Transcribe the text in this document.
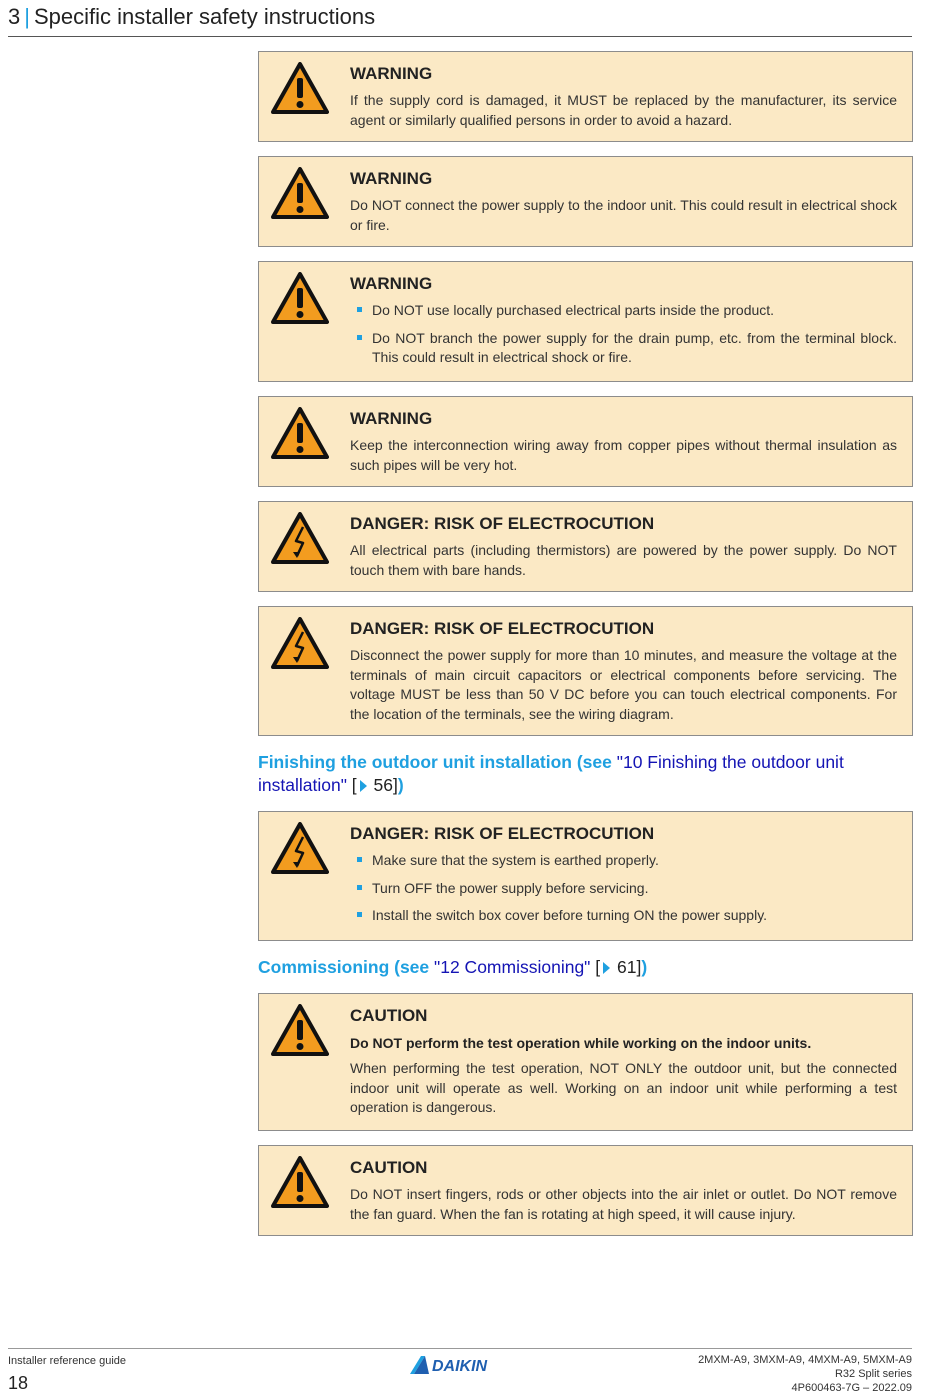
3 | Specific installer safety instructions
WARNING

If the supply cord is damaged, it MUST be replaced by the manufacturer, its service agent or similarly qualified persons in order to avoid a hazard.

WARNING

Do NOT connect the power supply to the indoor unit. This could result in electrical shock or fire.

WARNING
Do NOT use locally purchased electrical parts inside the product.
Do NOT branch the power supply for the drain pump, etc. from the terminal block. This could result in electrical shock or fire.
WARNING

Keep the interconnection wiring away from copper pipes without thermal insulation as such pipes will be very hot.

DANGER: RISK OF ELECTROCUTION

All electrical parts (including thermistors) are powered by the power supply. Do NOT touch them with bare hands.

DANGER: RISK OF ELECTROCUTION

Disconnect the power supply for more than 10 minutes, and measure the voltage at the terminals of main circuit capacitors or electrical components before servicing. The voltage MUST be less than 50 V DC before you can touch electrical components. For the location of the terminals, see the wiring diagram.

Finishing the outdoor unit installation (see "10 Finishing the outdoor unit installation" [ 56])
DANGER: RISK OF ELECTROCUTION
Make sure that the system is earthed properly.
Turn OFF the power supply before servicing.
Install the switch box cover before turning ON the power supply.
Commissioning (see "12 Commissioning" [ 61])
CAUTION
Do NOT perform the test operation while working on the indoor units.

When performing the test operation, NOT ONLY the outdoor unit, but the connected indoor unit will operate as well. Working on an indoor unit while performing a test operation is dangerous.

CAUTION

Do NOT insert fingers, rods or other objects into the air inlet or outlet. Do NOT remove the fan guard. When the fan is rotating at high speed, it will cause injury.

Installer reference guide
18
DAIKIN	2MXM-A9, 3MXM-A9, 4MXM-A9, 5MXM-A9
R32 Split series
4P600463-7G – 2022.09
